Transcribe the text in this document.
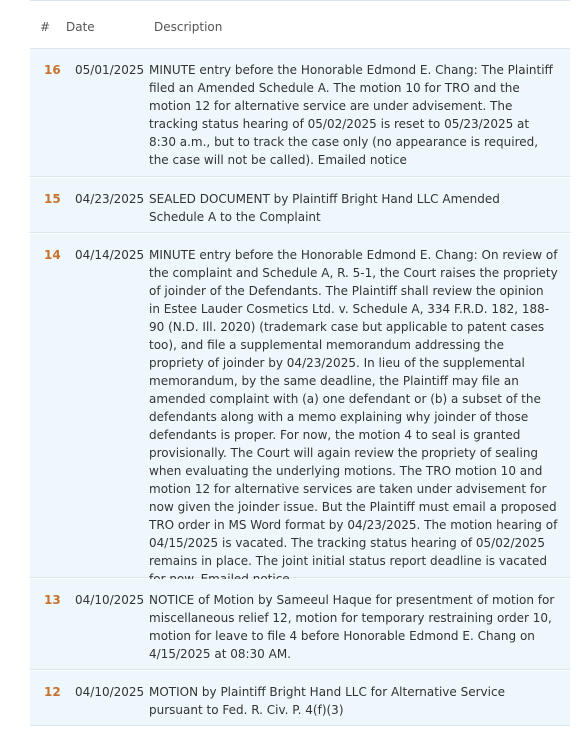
# Date	Description
16 05/01/2025 MINUTE entry before the Honorable Edmond E. Chang: The Plaintiff filed an Amended Schedule A. The motion 10 for TRO and the motion 12 for alternative service are under advisement. The tracking status hearing of 05/02/2025 is reset to 05/23/2025 at 8:30 a.m., but to track the case only (no appearance is required, the case will not be called). Emailed notice
15 04/23/2025 SEALED DOCUMENT by Plaintiff Bright Hand LLC Amended Schedule A to the Complaint
14 04/14/2025 MINUTE entry before the Honorable Edmond E. Chang: On review of the complaint and Schedule A, R. 5-1, the Court raises the propriety of joinder of the Defendants. The Plaintiff shall review the opinion in Estee Lauder Cosmetics Ltd. v. Schedule A, 334 F.R.D. 182, 188-90 (N.D. Ill. 2020) (trademark case but applicable to patent cases too), and file a supplemental memorandum addressing the propriety of joinder by 04/23/2025. In lieu of the supplemental memorandum, by the same deadline, the Plaintiff may file an amended complaint with (a) one defendant or (b) a subset of the defendants along with a memo explaining why joinder of those defendants is proper. For now, the motion 4 to seal is granted provisionally. The Court will again review the propriety of sealing when evaluating the underlying motions. The TRO motion 10 and motion 12 for alternative services are taken under advisement for now given the joinder issue. But the Plaintiff must email a proposed TRO order in MS Word format by 04/23/2025. The motion hearing of 04/15/2025 is vacated. The tracking status hearing of 05/02/2025 remains in place. The joint initial status report deadline is vacated
13 04/10/2025 NOTICE of Motion by Sameeul Haque for presentment of motion for miscellaneous relief 12, motion for temporary restraining order 10, motion for leave to file 4 before Honorable Edmond E. Chang on 4/15/2025 at 08:30 AM.
12 04/10/2025 MOTION by Plaintiff Bright Hand LLC for Alternative Service pursuant to Fed. R. Civ. P. 4(f)(3)
